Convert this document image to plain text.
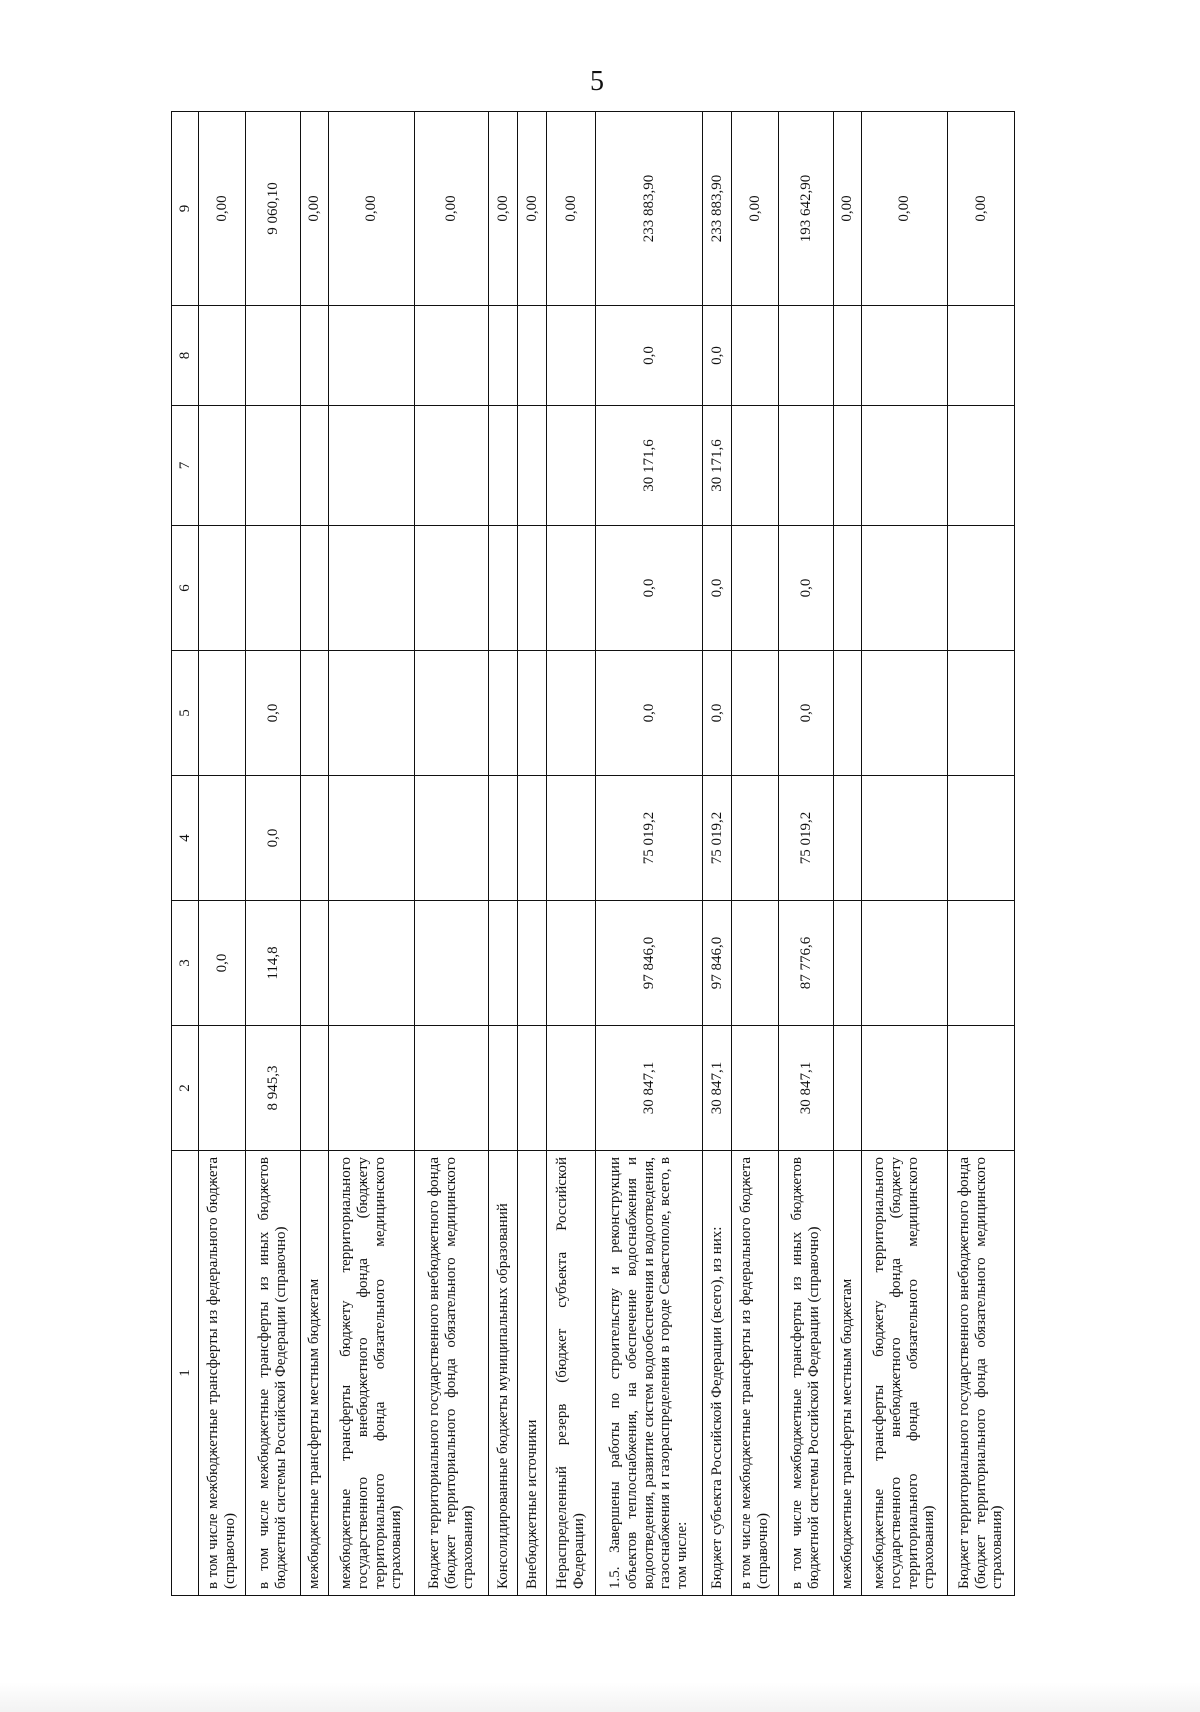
5
1	2	3	4	5	6	7	8	9
в том числе межбюджетные трансферты из федерального бюджета (справочно)		0,0						0,00
в том числе межбюджетные трансферты из иных бюджетов бюджетной системы Российской Федерации (справочно)	8 945,3	114,8	0,0	0,0				9 060,10
межбюджетные трансферты местным бюджетам								0,00
межбюджетные трансферты бюджету территориального государственного внебюджетного фонда (бюджету территориального фонда обязательного медицинского страхования)								0,00
Бюджет территориального государственного внебюджетного фонда (бюджет территориального фонда обязательного медицинского страхования)								0,00
Консолидированные бюджеты муниципальных образований								0,00
Внебюджетные источники								0,00
Нераспределенный резерв (бюджет субъекта Российской Федерации)								0,00
1.5. Завершены работы по строительству и реконструкции объектов теплоснабжения, на обеспечение водоснабжения и водоотведения, развитие систем водообеспечения и водоотведения, газоснабжения и газораспределения в городе Севастополе, всего, в том числе:	30 847,1	97 846,0	75 019,2	0,0	0,0	30 171,6	0,0	233 883,90
Бюджет субъекта Российской Федерации (всего), из них:	30 847,1	97 846,0	75 019,2	0,0	0,0	30 171,6	0,0	233 883,90
в том числе межбюджетные трансферты из федерального бюджета (справочно)								0,00
в том числе межбюджетные трансферты из иных бюджетов бюджетной системы Российской Федерации (справочно)	30 847,1	87 776,6	75 019,2	0,0	0,0			193 642,90
межбюджетные трансферты местным бюджетам								0,00
межбюджетные трансферты бюджету территориального государственного внебюджетного фонда (бюджету территориального фонда обязательного медицинского страхования)								0,00
Бюджет территориального государственного внебюджетного фонда (бюджет территориального фонда обязательного медицинского страхования)								0,00
